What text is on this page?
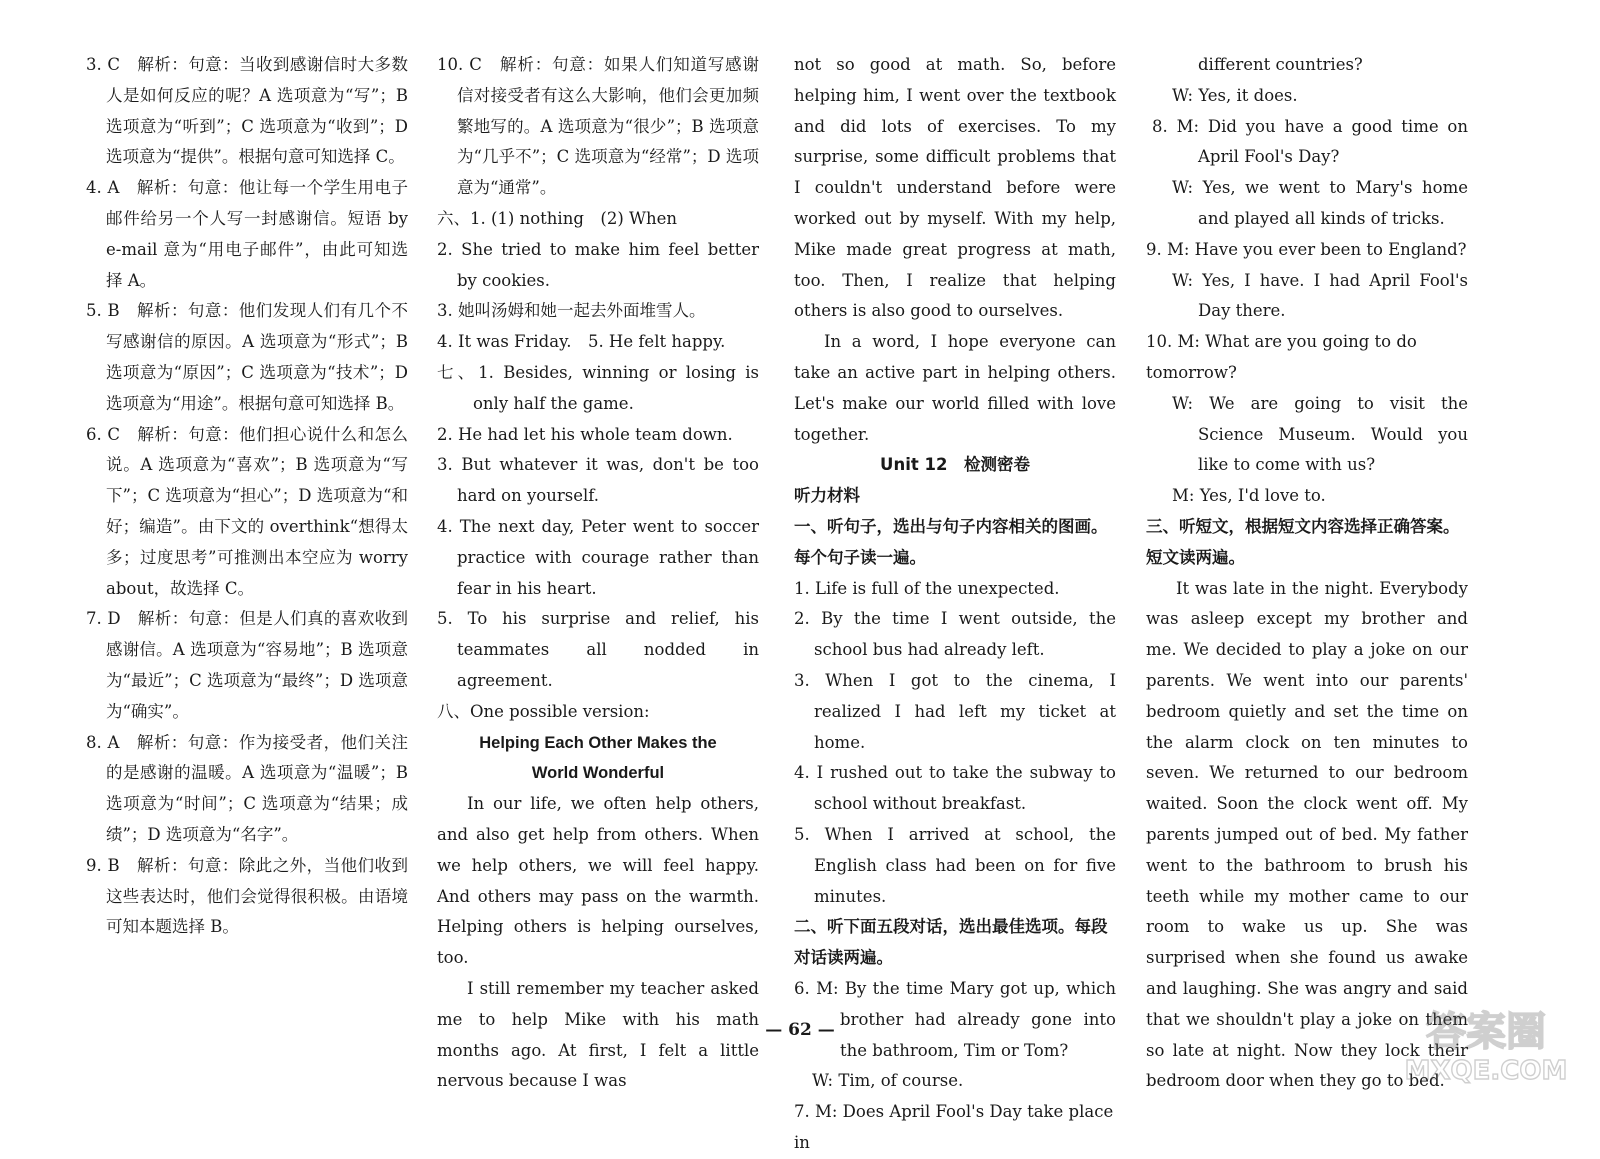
3. C　解析：句意：当收到感谢信时大多数人是如何反应的呢？A 选项意为“写”；B 选项意为“听到”；C 选项意为“收到”；D 选项意为“提供”。根据句意可知选择 C。

4. A　解析：句意：他让每一个学生用电子邮件给另一个人写一封感谢信。短语 by e-mail 意为“用电子邮件”，由此可知选择 A。

5. B　解析：句意：他们发现人们有几个不写感谢信的原因。A 选项意为“形式”；B 选项意为“原因”；C 选项意为“技术”；D 选项意为“用途”。根据句意可知选择 B。

6. C　解析：句意：他们担心说什么和怎么说。A 选项意为“喜欢”；B 选项意为“写下”；C 选项意为“担心”；D 选项意为“和好；编造”。由下文的 overthink“想得太多；过度思考”可推测出本空应为 worry about，故选择 C。

7. D　解析：句意：但是人们真的喜欢收到感谢信。A 选项意为“容易地”；B 选项意为“最近”；C 选项意为“最终”；D 选项意为“确实”。

8. A　解析：句意：作为接受者，他们关注的是感谢的温暖。A 选项意为“温暖”；B 选项意为“时间”；C 选项意为“结果；成绩”；D 选项意为“名字”。

9. B　解析：句意：除此之外，当他们收到这些表达时，他们会觉得很积极。由语境可知本题选择 B。

10. C　解析：句意：如果人们知道写感谢信对接受者有这么大影响，他们会更加频繁地写的。A 选项意为“很少”；B 选项意为“几乎不”；C 选项意为“经常”；D 选项意为“通常”。

六、1. (1) nothing　(2) When

2. She tried to make him feel better by cookies.

3. 她叫汤姆和她一起去外面堆雪人。

4. It was Friday.　5. He felt happy.

七、1. Besides, winning or losing is only half the game.

2. He had let his whole team down.

3. But whatever it was, don't be too hard on yourself.

4. The next day, Peter went to soccer practice with courage rather than fear in his heart.

5. To his surprise and relief, his teammates all nodded in agreement.

八、One possible version:

Helping Each Other Makes the

World Wonderful

In our life, we often help others, and also get help from others. When we help others, we will feel happy. And others may pass on the warmth. Helping others is helping ourselves, too.

I still remember my teacher asked me to help Mike with his math months ago. At first, I felt a little nervous because I was

not so good at math. So, before helping him, I went over the textbook and did lots of exercises. To my surprise, some difficult problems that I couldn't understand before were worked out by myself. With my help, Mike made great progress at math, too. Then, I realize that helping others is also good to ourselves.

In a word, I hope everyone can take an active part in helping others. Let's make our world filled with love together.

Unit 12　检测密卷

听力材料

一、听句子，选出与句子内容相关的图画。每个句子读一遍。

1. Life is full of the unexpected.

2. By the time I went outside, the school bus had already left.

3. When I got to the cinema, I realized I had left my ticket at home.

4. I rushed out to take the subway to school without breakfast.

5. When I arrived at school, the English class had been on for five minutes.

二、听下面五段对话，选出最佳选项。每段对话读两遍。

6. M: By the time Mary got up, which brother had already gone into the bathroom, Tim or Tom?

W: Tim, of course.

7. M: Does April Fool's Day take place in

different countries?

W: Yes, it does.

8. M: Did you have a good time on April Fool's Day?

W: Yes, we went to Mary's home and played all kinds of tricks.

9. M: Have you ever been to England?

W: Yes, I have. I had April Fool's Day there.

10. M: What are you going to do tomorrow?

W: We are going to visit the Science Museum. Would you like to come with us?

M: Yes, I'd love to.

三、听短文，根据短文内容选择正确答案。短文读两遍。

It was late in the night. Everybody was asleep except my brother and me. We decided to play a joke on our parents. We went into our parents' bedroom quietly and set the time on the alarm clock on ten minutes to seven. We returned to our bedroom waited. Soon the clock went off. My parents jumped out of bed. My father went to the bathroom to brush his teeth while my mother came to our room to wake us up. She was surprised when she found us awake and laughing. She was angry and said that we shouldn't play a joke on them so late at night. Now they lock their bedroom door when they go to bed.

— 62 —	答案圈
MXQE.COM
